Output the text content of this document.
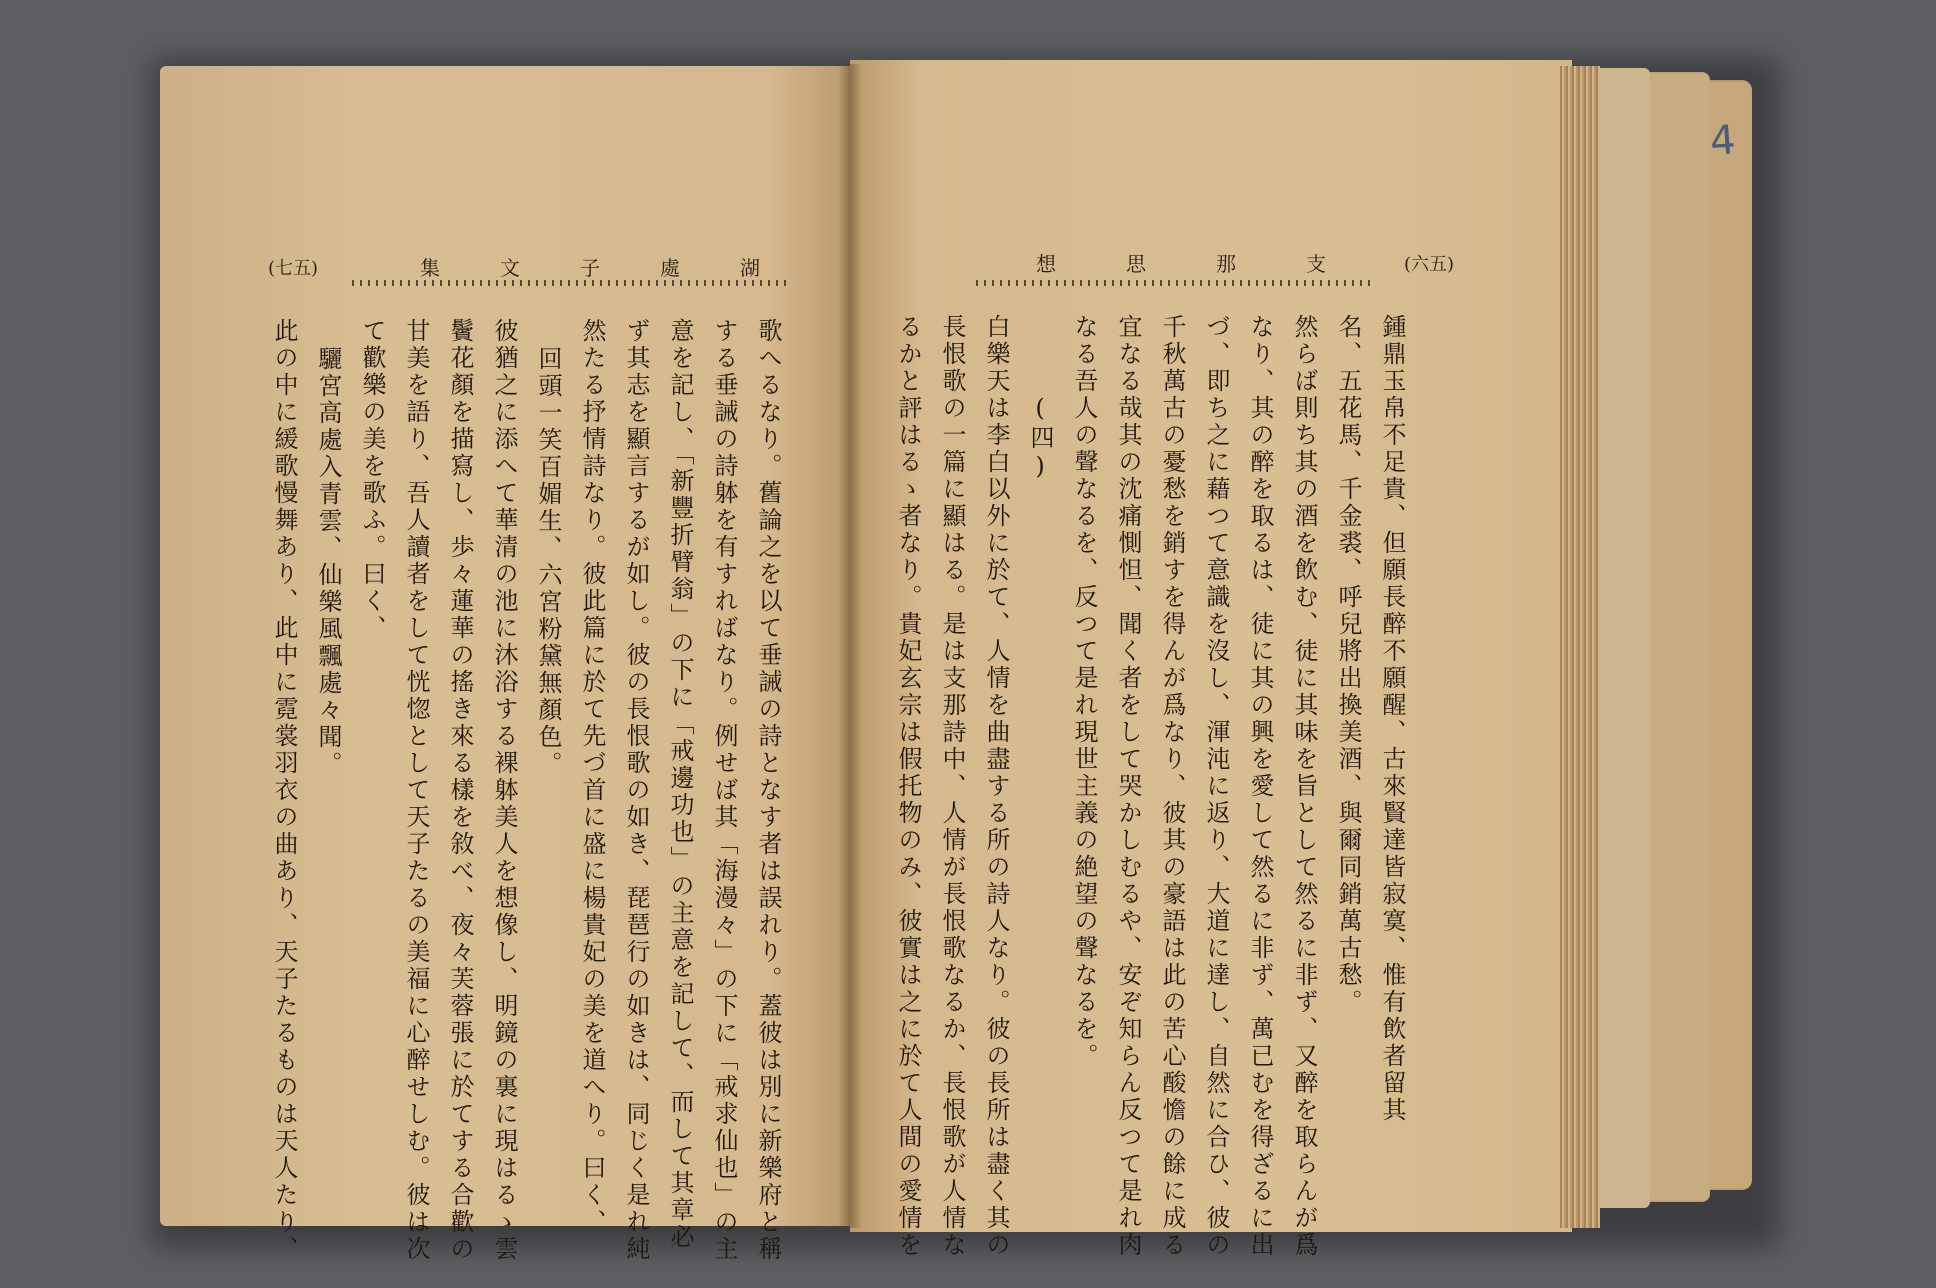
4
(七五)	集	文	子	處	湖	想	思	那	支	(六五)
歌へるなり。舊論之を以て垂誡の詩となす者は誤れり。蓋彼は別に新樂府と稱
する垂誡の詩躰を有すればなり。例せば其「海漫々」の下に「戒求仙也」の主
意を記し、「新豐折臂翁」の下に「戒邊功也」の主意を記して、而して其章必
ず其志を顯言するが如し。彼の長恨歌の如き、琵琶行の如きは、同じく是れ純
然たる抒情詩なり。彼此篇に於て先づ首に盛に楊貴妃の美を道へり。曰く、
回頭一笑百媚生、六宮粉黛無顏色。
彼猶之に添へて華清の池に沐浴する裸躰美人を想像し、明鏡の裏に現はるゝ雲
鬢花顏を描寫し、歩々蓮華の搖き來る樣を敘べ、夜々芙蓉張に於てする合歡の
甘美を語り、吾人讀者をして恍惚として天子たるの美福に心醉せしむ。彼は次
て歡樂の美を歌ふ。曰く、
驪宮高處入青雲、仙樂風飄處々聞。
此の中に緩歌慢舞あり、此中に霓裳羽衣の曲あり、天子たるものは天人たり、	鍾鼎玉帛不足貴、但願長醉不願醒、古來賢達皆寂寞、惟有飲者留其
名、五花馬、千金裘、呼兒將出換美酒、與爾同銷萬古愁。
然らば則ち其の酒を飲む、徒に其味を旨として然るに非ず、又醉を取らんが爲
なり、其の醉を取るは、徒に其の興を愛して然るに非ず、萬已むを得ざるに出
づ、即ち之に藉つて意識を沒し、渾沌に返り、大道に達し、自然に合ひ、彼の
千秋萬古の憂愁を銷すを得んが爲なり、彼其の豪語は此の苦心酸憺の餘に成る
宜なる哉其の沈痛惻怛、聞く者をして哭かしむるや、安ぞ知らん反つて是れ肉
なる吾人の聲なるを、反つて是れ現世主義の絶望の聲なるを。
(四)
白樂天は李白以外に於て、人情を曲盡する所の詩人なり。彼の長所は盡く其の
長恨歌の一篇に顯はる。是は支那詩中、人情が長恨歌なるか、長恨歌が人情な
るかと評はるゝ者なり。貴妃玄宗は假托物のみ、彼實は之に於て人間の愛情を
